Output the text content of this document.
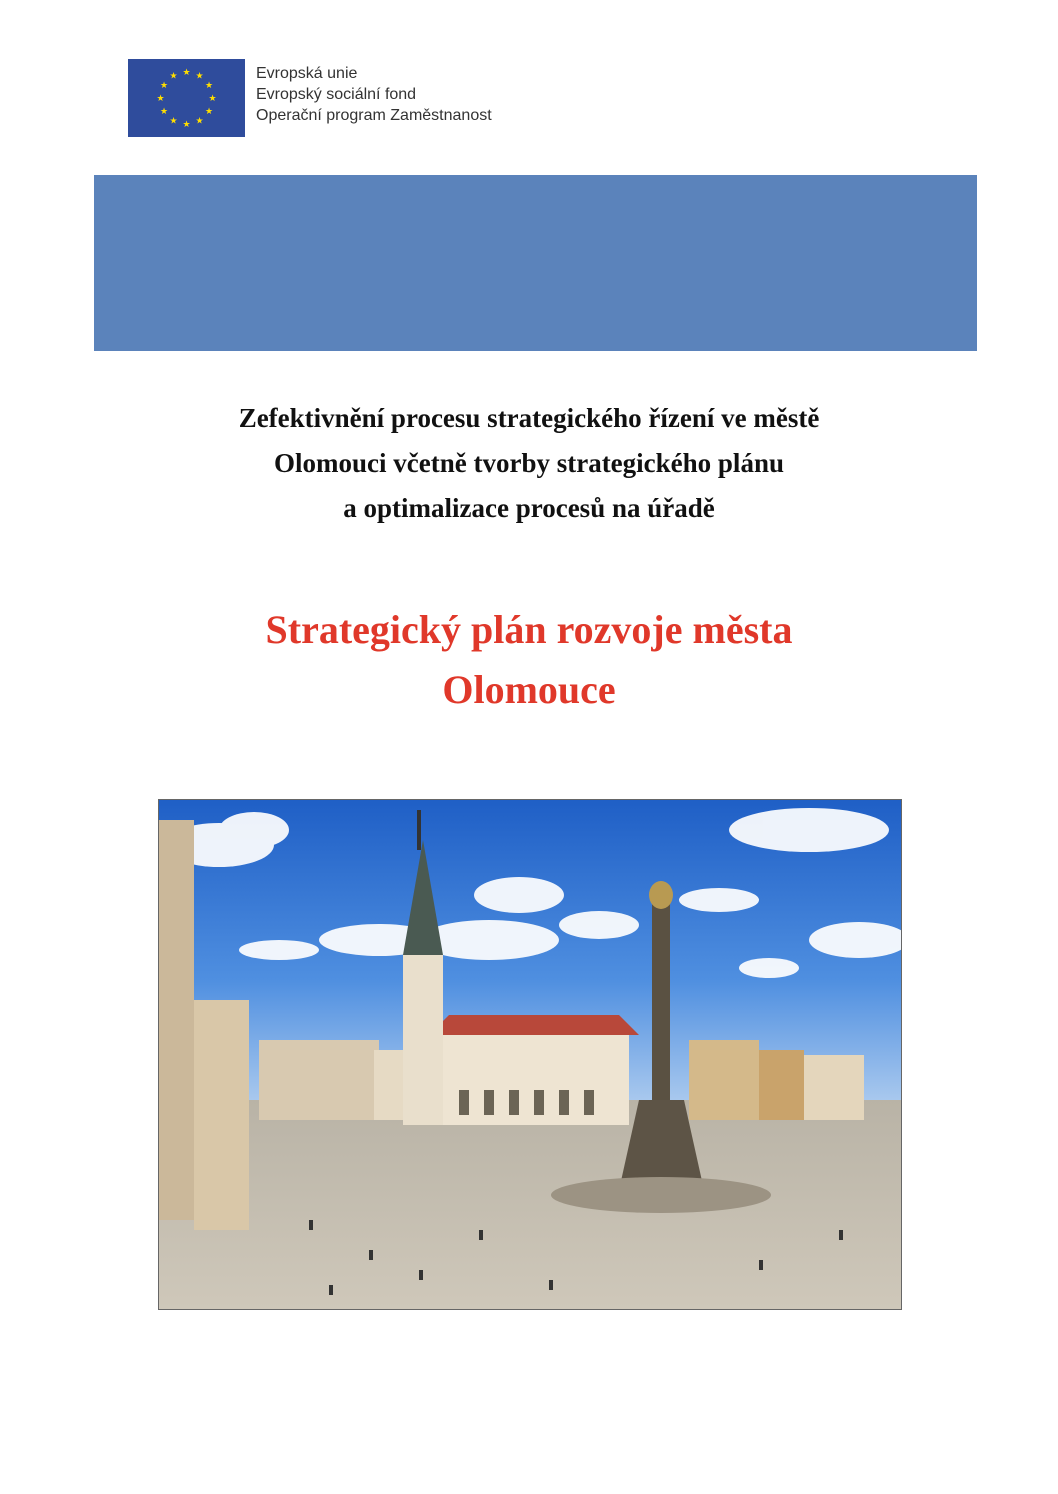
★ ★
★
★
★
★
★
★
★
★
★
★	Evropská unie
Evropský sociální fond
Operační program Zaměstnanost
Zefektivnění procesu strategického řízení ve městě
Olomouci včetně tvorby strategického plánu
a optimalizace procesů na úřadě
Strategický plán rozvoje města
Olomouce
